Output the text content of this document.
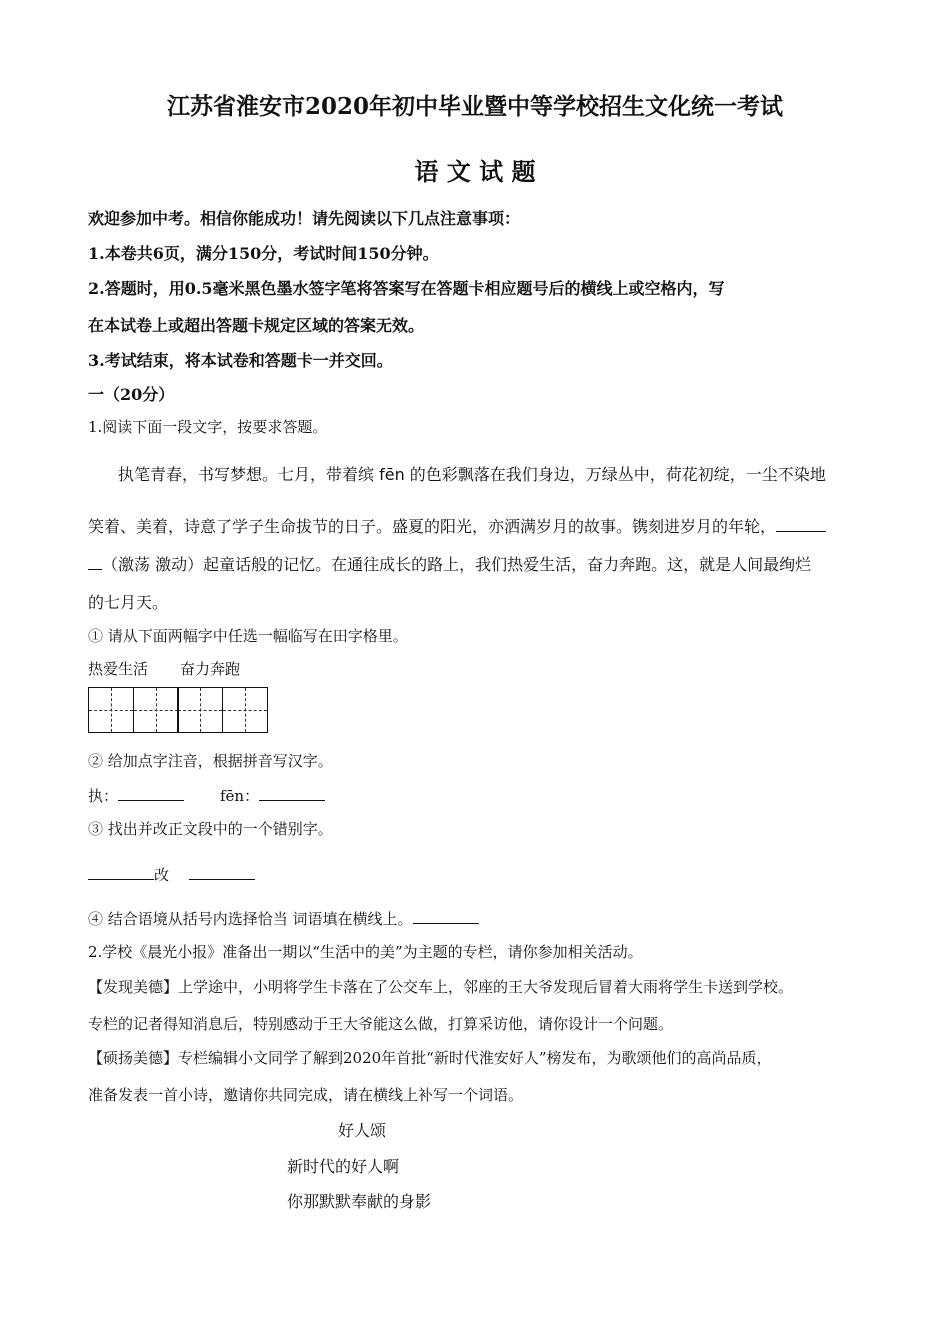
江苏省淮安市2020年初中毕业暨中等学校招生文化统一考试
语 文 试 题
欢迎参加中考。相信你能成功！请先阅读以下几点注意事项：
1.本卷共6页，满分150分，考试时间150分钟。
2.答题时，用0.5毫米黑色墨水签字笔将答案写在答题卡相应题号后的横线上或空格内，写
在本试卷上或超出答题卡规定区域的答案无效。
3.考试结束，将本试卷和答题卡一并交回。
一（20分）
1.阅读下面一段文字，按要求答题。
执笔青春，书写梦想。七月，带着缤 fēn 的色彩飘落在我们身边，万绿丛中，荷花初绽，一尘不染地
笑着、美着，诗意了学子生命拔节的日子。盛夏的阳光，亦洒满岁月的故事。镌刻进岁月的年轮，
（激荡 激动）起童话般的记忆。在通往成长的路上，我们热爱生活，奋力奔跑。这，就是人间最绚烂
的七月天。
① 请从下面两幅字中任选一幅临写在田字格里。
热爱生活 奋力奔跑
② 给加点字注音，根据拼音写汉字。
执：	fēn：
③ 找出并改正文段中的一个错别字。
改
④ 结合语境从括号内选择恰当 词语填在横线上。
2.学校《晨光小报》准备出一期以“生活中的美”为主题的专栏，请你参加相关活动。
【发现美德】上学途中，小明将学生卡落在了公交车上，邻座的王大爷发现后冒着大雨将学生卡送到学校。
专栏的记者得知消息后，特别感动于王大爷能这么做，打算采访他，请你设计一个问题。
【硕扬美德】专栏编辑小文同学了解到2020年首批“新时代淮安好人”榜发布，为歌颂他们的高尚品质，
准备发表一首小诗，邀请你共同完成，请在横线上补写一个词语。
好人颂
新时代的好人啊
你那默默奉献的身影
